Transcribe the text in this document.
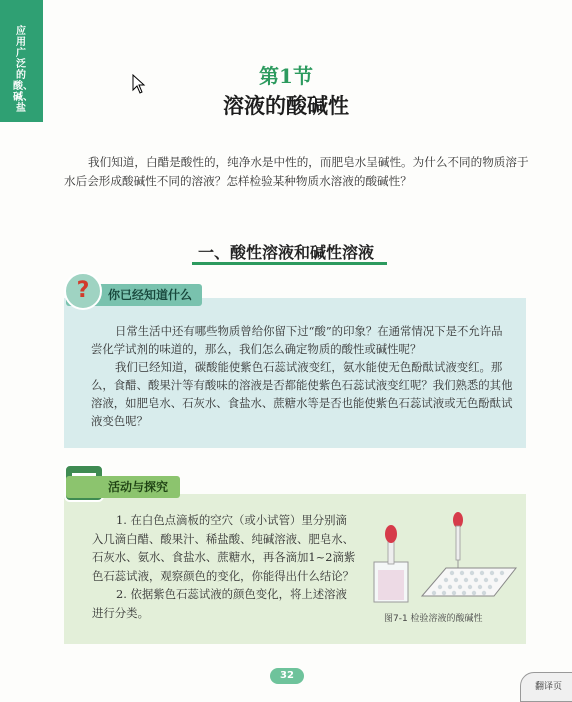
应用广泛的酸、碱、盐
第1节
溶液的酸碱性
我们知道，白醋是酸性的，纯净水是中性的，而肥皂水呈碱性。为什么不同的物质溶于水后会形成酸碱性不同的溶液？怎样检验某种物质水溶液的酸碱性？
一、酸性溶液和碱性溶液
你已经知道什么
?

日常生活中还有哪些物质曾给你留下过“酸”的印象？在通常情况下是不允许品尝化学试剂的味道的，那么，我们怎么确定物质的酸性或碱性呢？

我们已经知道，碳酸能使紫色石蕊试液变红，氨水能使无色酚酞试液变红。那么，食醋、酸果汁等有酸味的溶液是否都能使紫色石蕊试液变红呢？我们熟悉的其他溶液，如肥皂水、石灰水、食盐水、蔗糖水等是否也能使紫色石蕊试液或无色酚酞试液变色呢？

活动与探究

1. 在白色点滴板的空穴（或小试管）里分别滴入几滴白醋、酸果汁、稀盐酸、纯碱溶液、肥皂水、石灰水、氨水、食盐水、蔗糖水，再各滴加1~2滴紫色石蕊试液，观察颜色的变化，你能得出什么结论？

2. 依据紫色石蕊试液的颜色变化，将上述溶液进行分类。	图7-1 检验溶液的酸碱性
32
翻译页
